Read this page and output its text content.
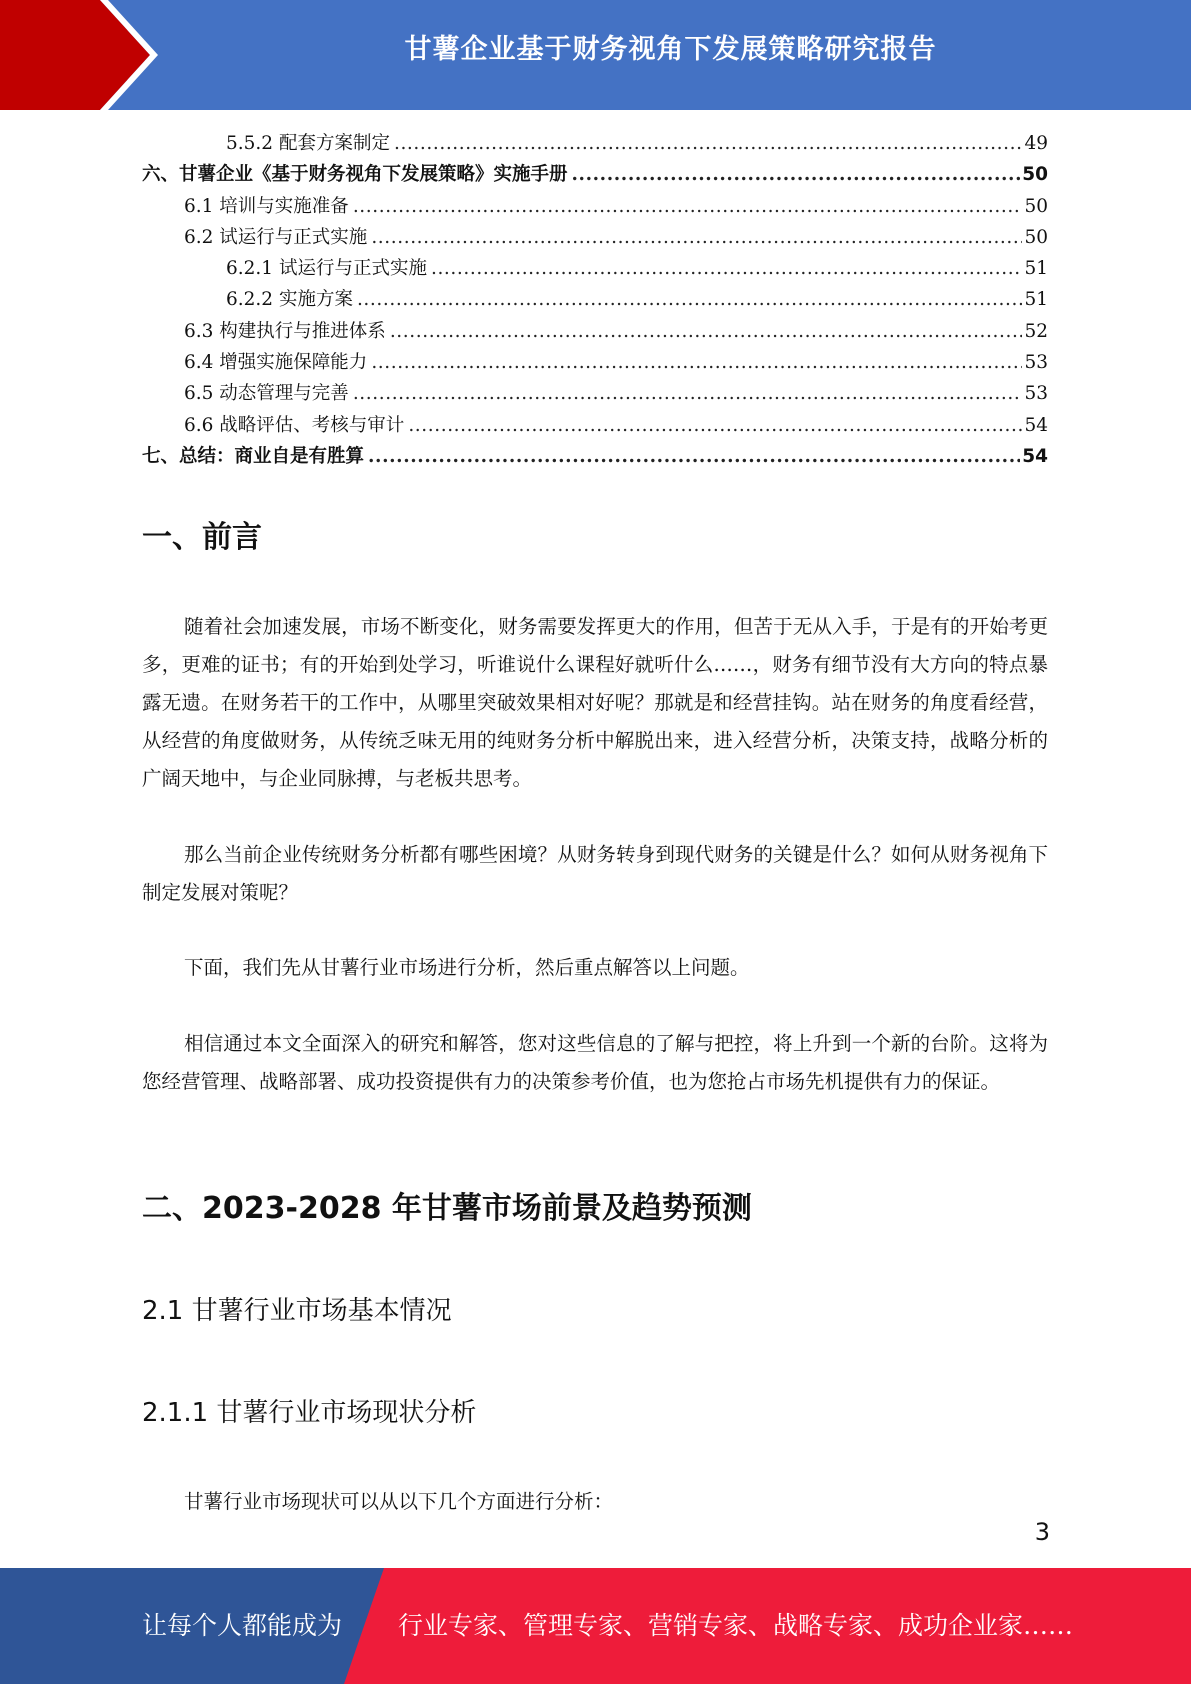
甘薯企业基于财务视角下发展策略研究报告
5.5.2 配套方案制定 .....	49
六、甘薯企业《基于财务视角下发展策略》实施手册 .....	50
6.1 培训与实施准备 .....	50
6.2 试运行与正式实施 .....	50
6.2.1 试运行与正式实施 .....	51
6.2.2 实施方案 .....	51
6.3 构建执行与推进体系 .....	52
6.4 增强实施保障能力 .....	53
6.5 动态管理与完善 .....	53
6.6 战略评估、考核与审计 .....	54
七、总结：商业自是有胜算 .....	54
一、前言
随着社会加速发展，市场不断变化，财务需要发挥更大的作用，但苦于无从入手，于是有的开始考更多，更难的证书；有的开始到处学习，听谁说什么课程好就听什么……，财务有细节没有大方向的特点暴露无遗。在财务若干的工作中，从哪里突破效果相对好呢？那就是和经营挂钩。站在财务的角度看经营，从经营的角度做财务，从传统乏味无用的纯财务分析中解脱出来，进入经营分析，决策支持，战略分析的广阔天地中，与企业同脉搏，与老板共思考。
那么当前企业传统财务分析都有哪些困境？从财务转身到现代财务的关键是什么？如何从财务视角下制定发展对策呢？
下面，我们先从甘薯行业市场进行分析，然后重点解答以上问题。
相信通过本文全面深入的研究和解答，您对这些信息的了解与把控，将上升到一个新的台阶。这将为您经营管理、战略部署、成功投资提供有力的决策参考价值，也为您抢占市场先机提供有力的保证。
二、2023-2028 年甘薯市场前景及趋势预测
2.1 甘薯行业市场基本情况
2.1.1 甘薯行业市场现状分析
甘薯行业市场现状可以从以下几个方面进行分析：
3
让每个人都能成为 行业专家、管理专家、营销专家、战略专家、成功企业家……
